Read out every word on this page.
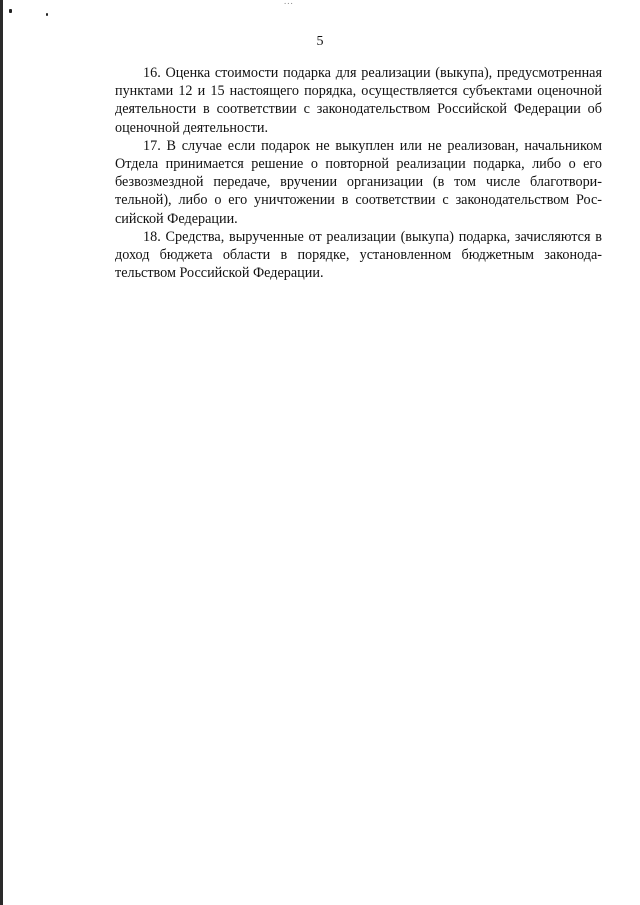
...
5

16. Оценка стоимости подарка для реализации (выкупа), предусмотренная пунктами 12 и 15 настоящего порядка, осуществляется субъектами оценочной деятельности в соответствии с законодательством Российской Федерации об оценочной деятельности.

17. В случае если подарок не выкуплен или не реализован, начальником Отдела принимается решение о повторной реализации подарка, либо о его безвозмездной передаче, вручении организации (в том числе благотворительной), либо о его уничтожении в соответствии с законодательством Российской Федерации.

18. Средства, вырученные от реализации (выкупа) подарка, зачисляются в доход бюджета области в порядке, установленном бюджетным законодательством Российской Федерации.
